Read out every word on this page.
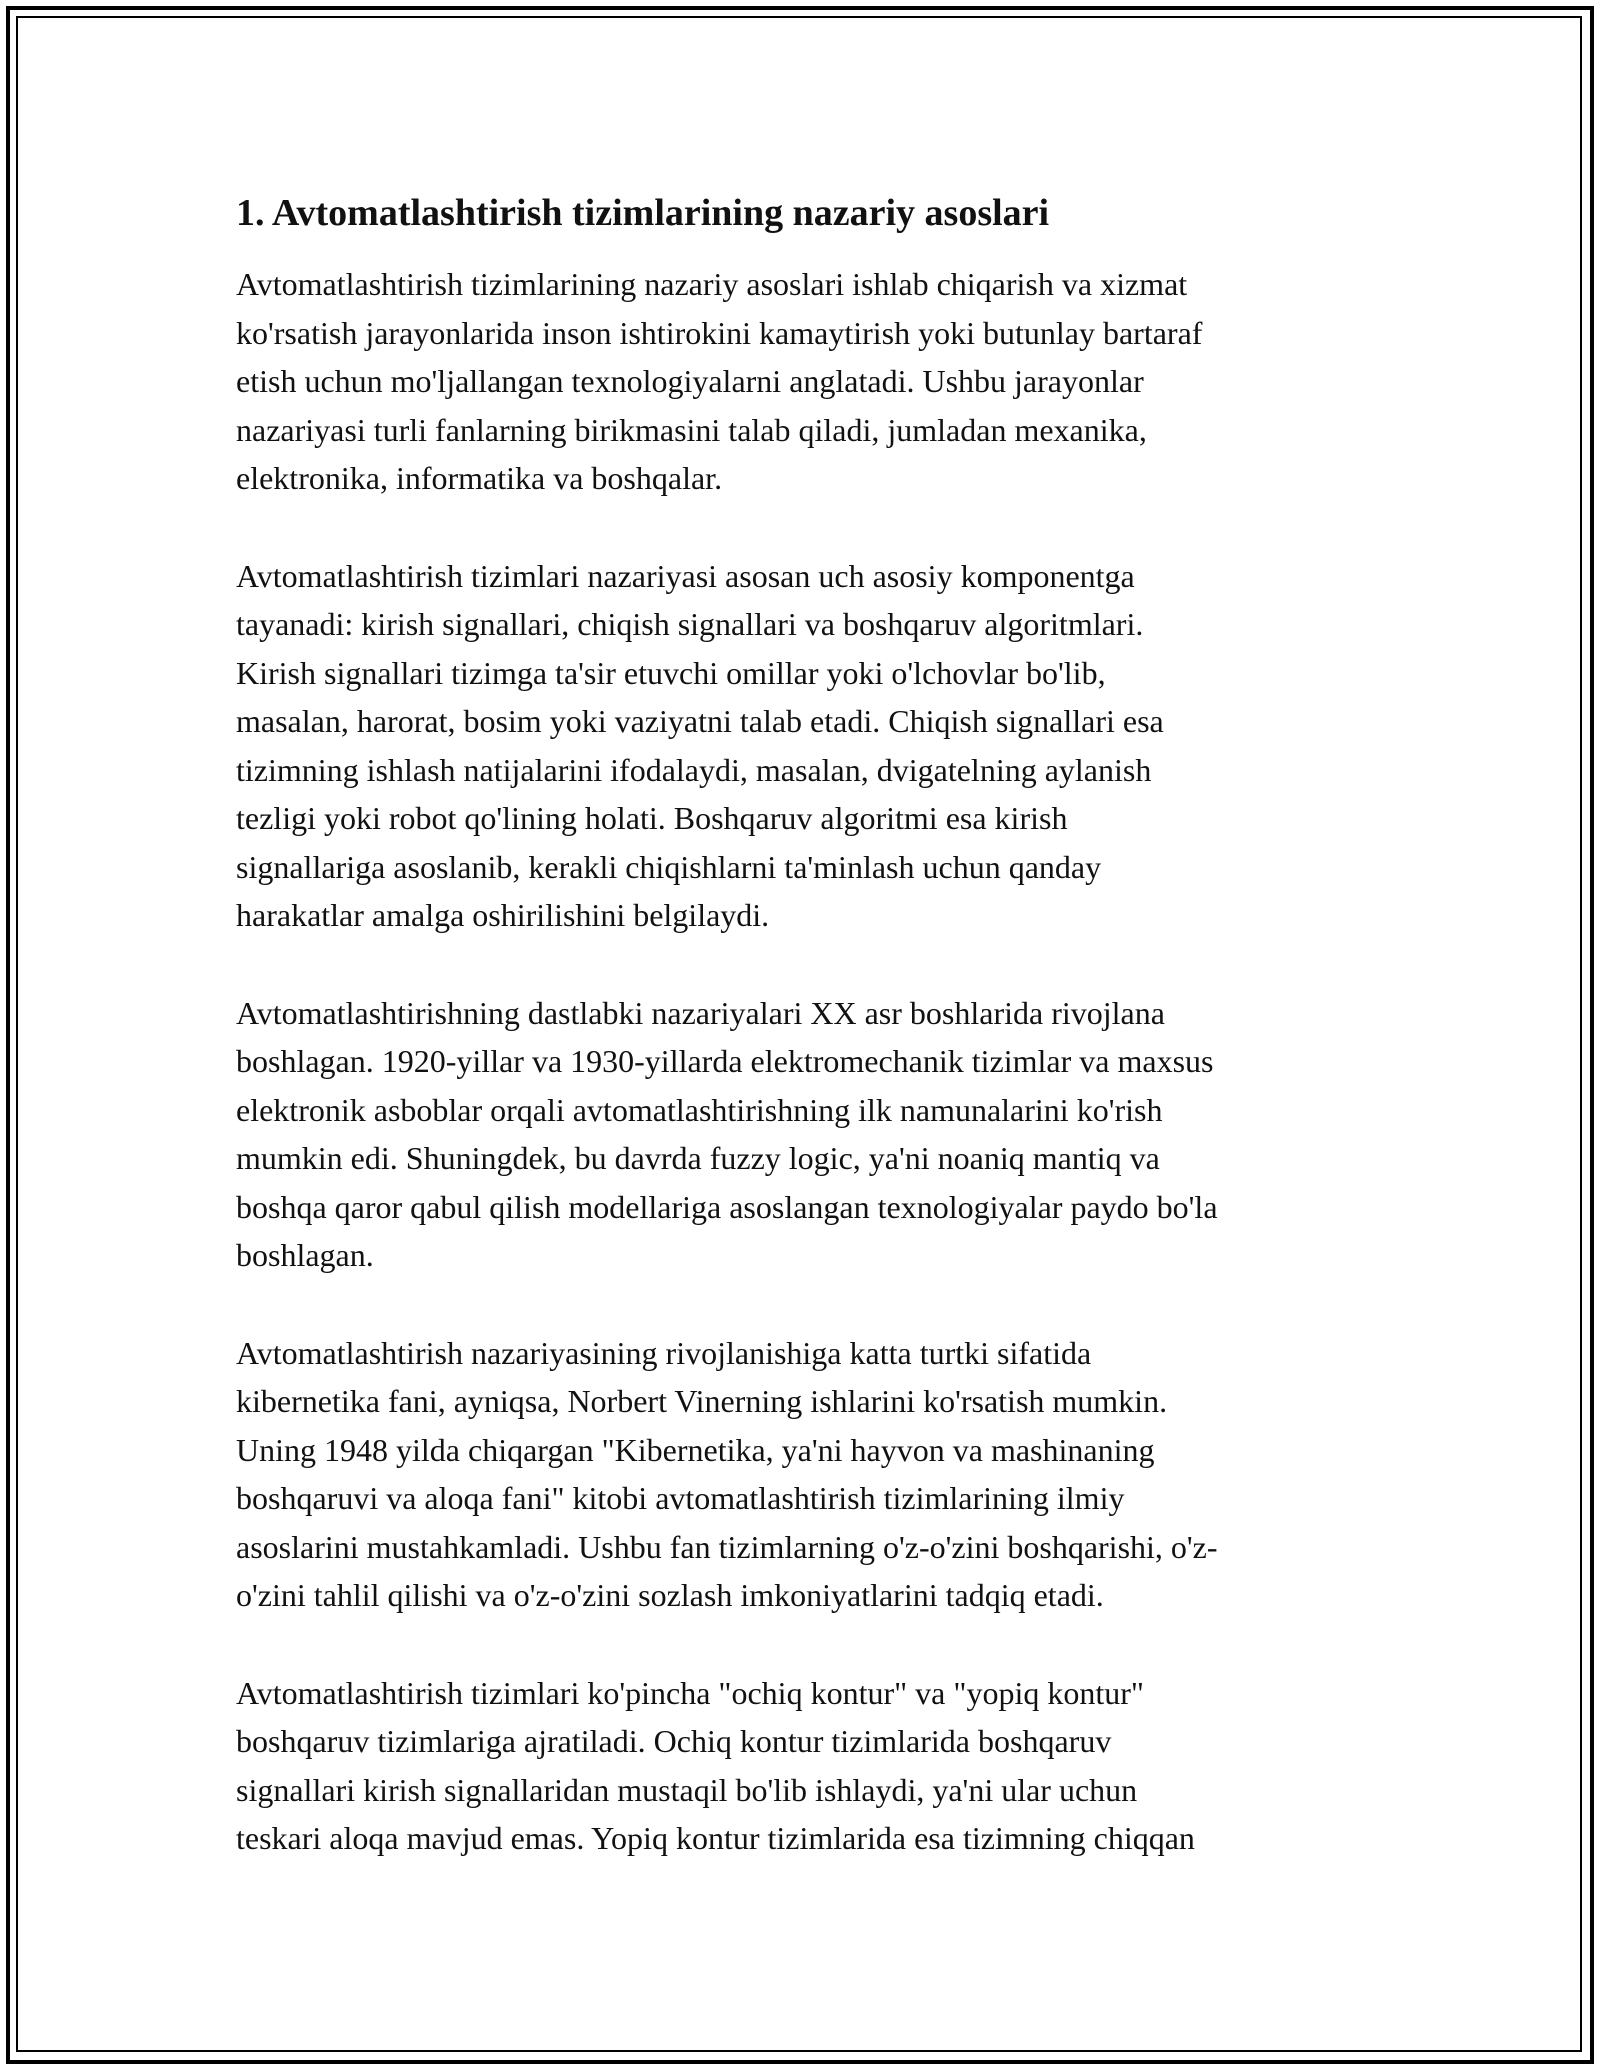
1. Avtomatlashtirish tizimlarining nazariy asoslari

Avtomatlashtirish tizimlarining nazariy asoslari ishlab chiqarish va xizmat
ko'rsatish jarayonlarida inson ishtirokini kamaytirish yoki butunlay bartaraf
etish uchun mo'ljallangan texnologiyalarni anglatadi. Ushbu jarayonlar
nazariyasi turli fanlarning birikmasini talab qiladi, jumladan mexanika,
elektronika, informatika va boshqalar.

Avtomatlashtirish tizimlari nazariyasi asosan uch asosiy komponentga
tayanadi: kirish signallari, chiqish signallari va boshqaruv algoritmlari.
Kirish signallari tizimga ta'sir etuvchi omillar yoki o'lchovlar bo'lib,
masalan, harorat, bosim yoki vaziyatni talab etadi. Chiqish signallari esa
tizimning ishlash natijalarini ifodalaydi, masalan, dvigatelning aylanish
tezligi yoki robot qo'lining holati. Boshqaruv algoritmi esa kirish
signallariga asoslanib, kerakli chiqishlarni ta'minlash uchun qanday
harakatlar amalga oshirilishini belgilaydi.

Avtomatlashtirishning dastlabki nazariyalari XX asr boshlarida rivojlana
boshlagan. 1920-yillar va 1930-yillarda elektromechanik tizimlar va maxsus
elektronik asboblar orqali avtomatlashtirishning ilk namunalarini ko'rish
mumkin edi. Shuningdek, bu davrda fuzzy logic, ya'ni noaniq mantiq va
boshqa qaror qabul qilish modellariga asoslangan texnologiyalar paydo bo'la
boshlagan.

Avtomatlashtirish nazariyasining rivojlanishiga katta turtki sifatida
kibernetika fani, ayniqsa, Norbert Vinerning ishlarini ko'rsatish mumkin.
Uning 1948 yilda chiqargan "Kibernetika, ya'ni hayvon va mashinaning
boshqaruvi va aloqa fani" kitobi avtomatlashtirish tizimlarining ilmiy
asoslarini mustahkamladi. Ushbu fan tizimlarning o'z-o'zini boshqarishi, o'z-
o'zini tahlil qilishi va o'z-o'zini sozlash imkoniyatlarini tadqiq etadi.

Avtomatlashtirish tizimlari ko'pincha "ochiq kontur" va "yopiq kontur"
boshqaruv tizimlariga ajratiladi. Ochiq kontur tizimlarida boshqaruv
signallari kirish signallaridan mustaqil bo'lib ishlaydi, ya'ni ular uchun
teskari aloqa mavjud emas. Yopiq kontur tizimlarida esa tizimning chiqqan
